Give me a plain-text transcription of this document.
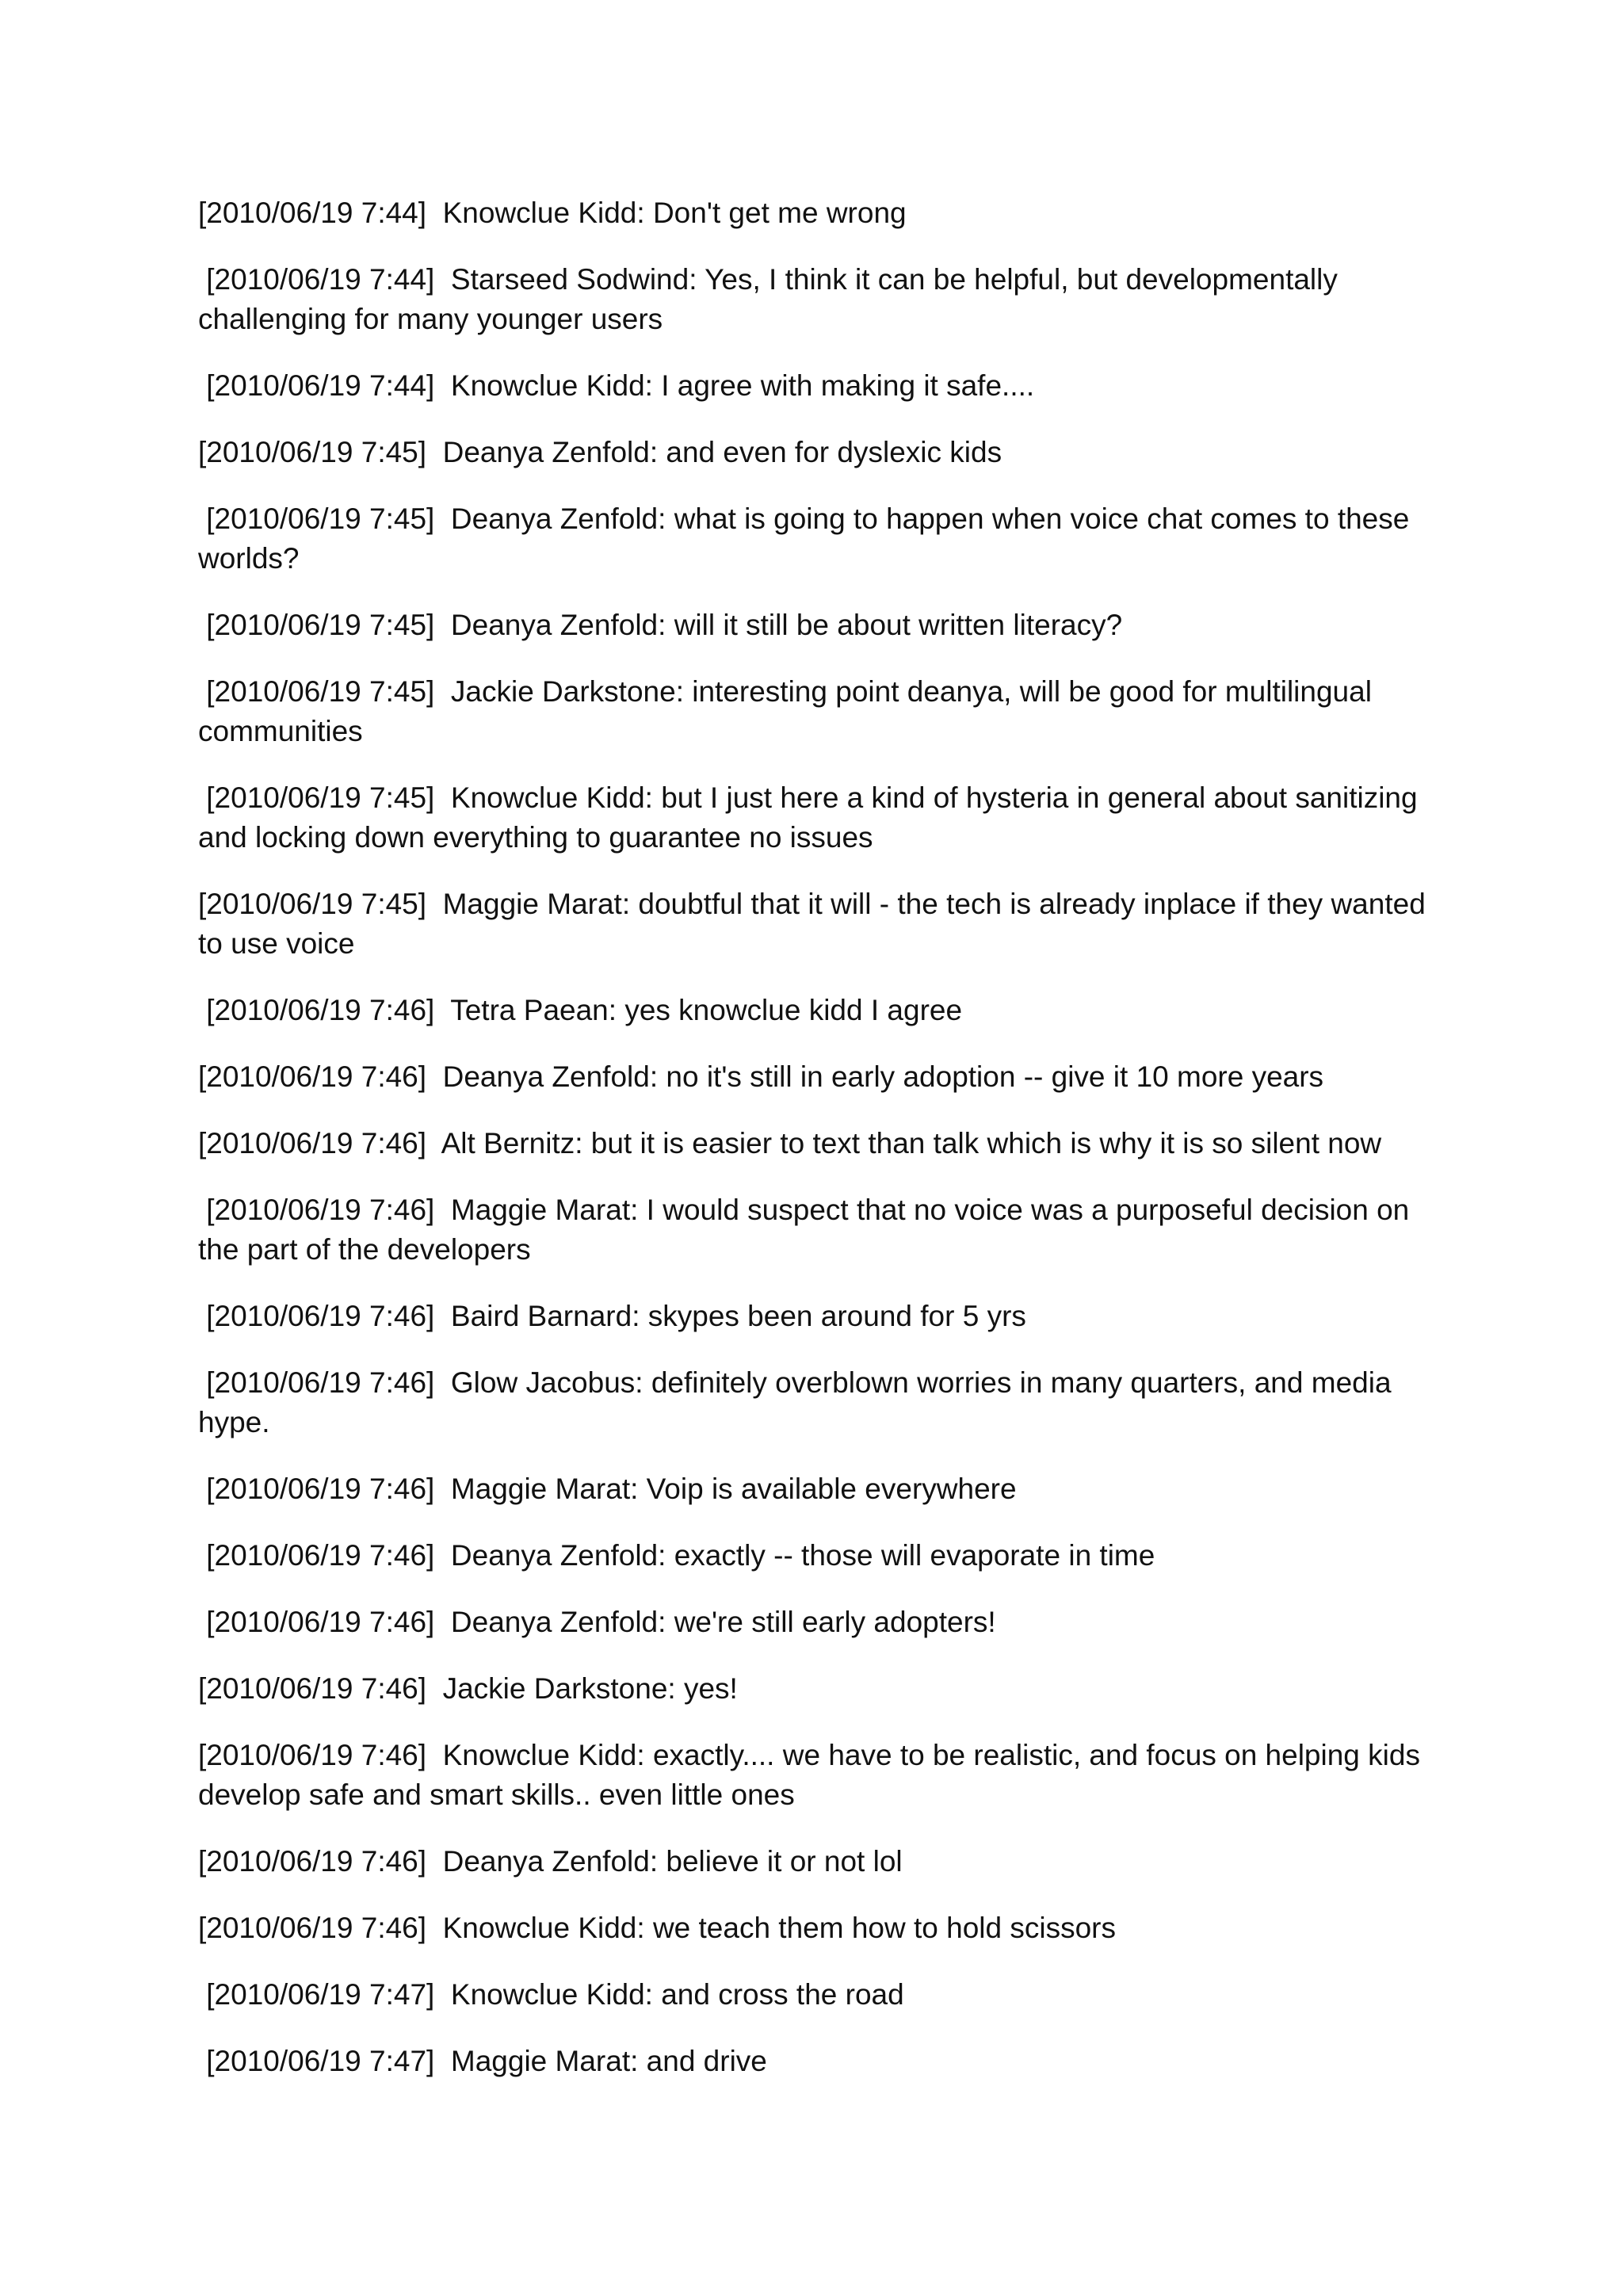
[2010/06/19 7:44] Knowclue Kidd: Don't get me wrong
[2010/06/19 7:44] Starseed Sodwind: Yes, I think it can be helpful, but developmentally challenging for many younger users
[2010/06/19 7:44] Knowclue Kidd: I agree with making it safe....
[2010/06/19 7:45] Deanya Zenfold: and even for dyslexic kids
[2010/06/19 7:45] Deanya Zenfold: what is going to happen when voice chat comes to these worlds?
[2010/06/19 7:45] Deanya Zenfold: will it still be about written literacy?
[2010/06/19 7:45] Jackie Darkstone: interesting point deanya, will be good for multilingual communities
[2010/06/19 7:45] Knowclue Kidd: but I just here a kind of hysteria in general about sanitizing and locking down everything to guarantee no issues
[2010/06/19 7:45] Maggie Marat: doubtful that it will - the tech is already inplace if they wanted to use voice
[2010/06/19 7:46] Tetra Paean: yes knowclue kidd I agree
[2010/06/19 7:46] Deanya Zenfold: no it's still in early adoption -- give it 10 more years
[2010/06/19 7:46] Alt Bernitz: but it is easier to text than talk which is why it is so silent now
[2010/06/19 7:46] Maggie Marat: I would suspect that no voice was a purposeful decision on the part of the developers
[2010/06/19 7:46] Baird Barnard: skypes been around for 5 yrs
[2010/06/19 7:46] Glow Jacobus: definitely overblown worries in many quarters, and media hype.
[2010/06/19 7:46] Maggie Marat: Voip is available everywhere
[2010/06/19 7:46] Deanya Zenfold: exactly -- those will evaporate in time
[2010/06/19 7:46] Deanya Zenfold: we're still early adopters!
[2010/06/19 7:46] Jackie Darkstone: yes!
[2010/06/19 7:46] Knowclue Kidd: exactly.... we have to be realistic, and focus on helping kids develop safe and smart skills.. even little ones
[2010/06/19 7:46] Deanya Zenfold: believe it or not lol
[2010/06/19 7:46] Knowclue Kidd: we teach them how to hold scissors
[2010/06/19 7:47] Knowclue Kidd: and cross the road
[2010/06/19 7:47] Maggie Marat: and drive
